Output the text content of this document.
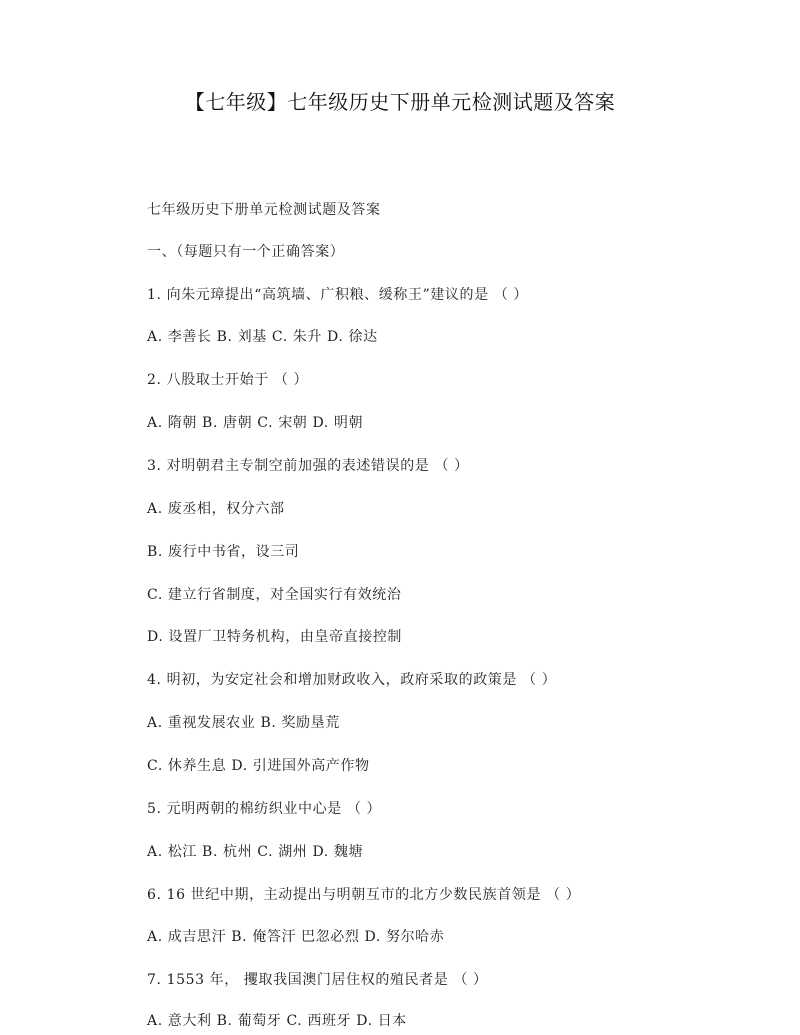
【七年级】七年级历史下册单元检测试题及答案
七年级历史下册单元检测试题及答案
一、（每题只有一个正确答案）
1. 向朱元璋提出“高筑墙、广积粮、缓称王”建议的是 （ ）
A. 李善长 B. 刘基 C. 朱升 D. 徐达
2. 八股取士开始于 （ ）
A. 隋朝 B. 唐朝 C. 宋朝 D. 明朝
3. 对明朝君主专制空前加强的表述错误的是 （ ）
A. 废丞相，权分六部
B. 废行中书省，设三司
C. 建立行省制度，对全国实行有效统治
D. 设置厂卫特务机构，由皇帝直接控制
4. 明初，为安定社会和增加财政收入，政府采取的政策是 （ ）
A. 重视发展农业 B. 奖励垦荒
C. 休养生息 D. 引进国外高产作物
5. 元明两朝的棉纺织业中心是 （ ）
A. 松江 B. 杭州 C. 湖州 D. 魏塘
6. 16 世纪中期，主动提出与明朝互市的北方少数民族首领是 （ ）
A. 成吉思汗 B. 俺答汗 巴忽必烈 D. 努尔哈赤
7. 1553 年， 攫取我国澳门居住权的殖民者是 （ ）
A. 意大利 B. 葡萄牙 C. 西班牙 D. 日本
